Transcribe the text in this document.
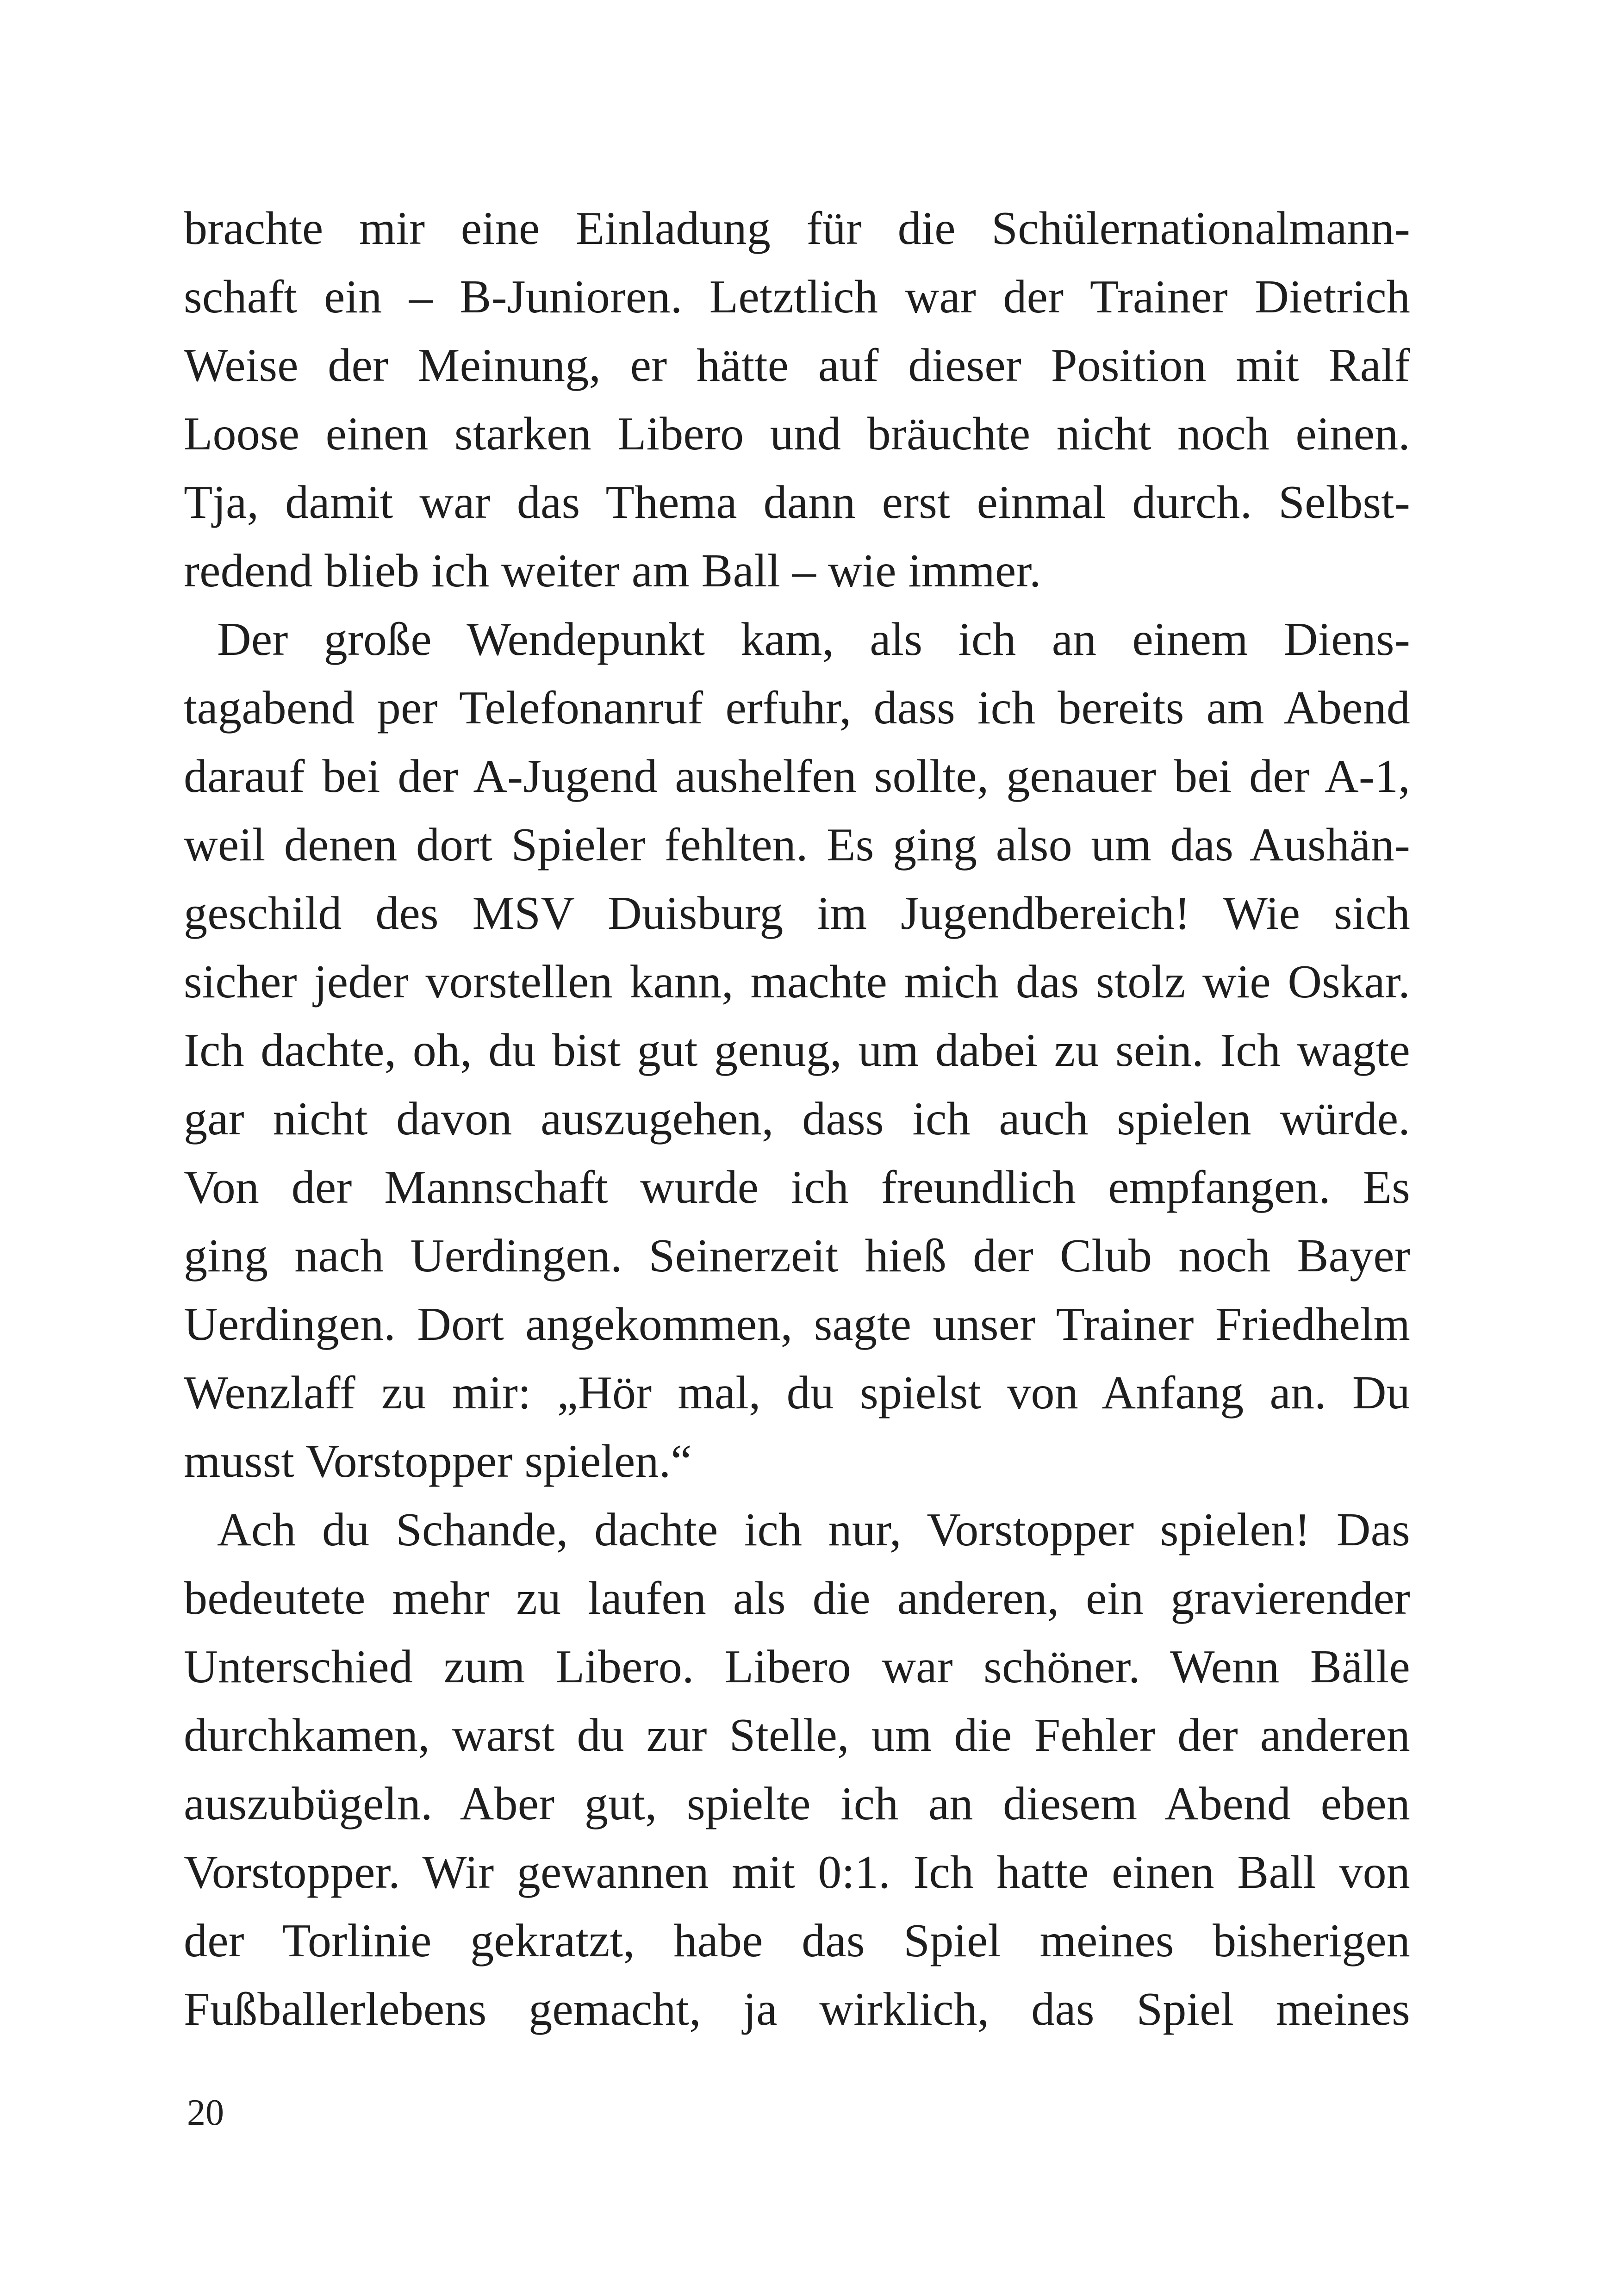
brachte mir eine Einladung für die Schülernationalmann-
schaft ein – B-Junioren. Letztlich war der Trainer Dietrich
Weise der Meinung, er hätte auf dieser Position mit Ralf
Loose einen starken Libero und bräuchte nicht noch einen.
Tja, damit war das Thema dann erst einmal durch. Selbst-
redend blieb ich weiter am Ball – wie immer.
Der große Wendepunkt kam, als ich an einem Diens-
tagabend per Telefonanruf erfuhr, dass ich bereits am Abend
darauf bei der A-Jugend aushelfen sollte, genauer bei der A-1,
weil denen dort Spieler fehlten. Es ging also um das Aushän-
geschild des MSV Duisburg im Jugendbereich! Wie sich
sicher jeder vorstellen kann, machte mich das stolz wie Oskar.
Ich dachte, oh, du bist gut genug, um dabei zu sein. Ich wagte
gar nicht davon auszugehen, dass ich auch spielen würde.
Von der Mannschaft wurde ich freundlich empfangen. Es
ging nach Uerdingen. Seinerzeit hieß der Club noch Bayer
Uerdingen. Dort angekommen, sagte unser Trainer Friedhelm
Wenzlaff zu mir: „Hör mal, du spielst von Anfang an. Du
musst Vorstopper spielen.“
Ach du Schande, dachte ich nur, Vorstopper spielen! Das
bedeutete mehr zu laufen als die anderen, ein gravierender
Unterschied zum Libero. Libero war schöner. Wenn Bälle
durchkamen, warst du zur Stelle, um die Fehler der anderen
auszubügeln. Aber gut, spielte ich an diesem Abend eben
Vorstopper. Wir gewannen mit 0:1. Ich hatte einen Ball von
der Torlinie gekratzt, habe das Spiel meines bisherigen
Fußballerlebens gemacht, ja wirklich, das Spiel meines
20
